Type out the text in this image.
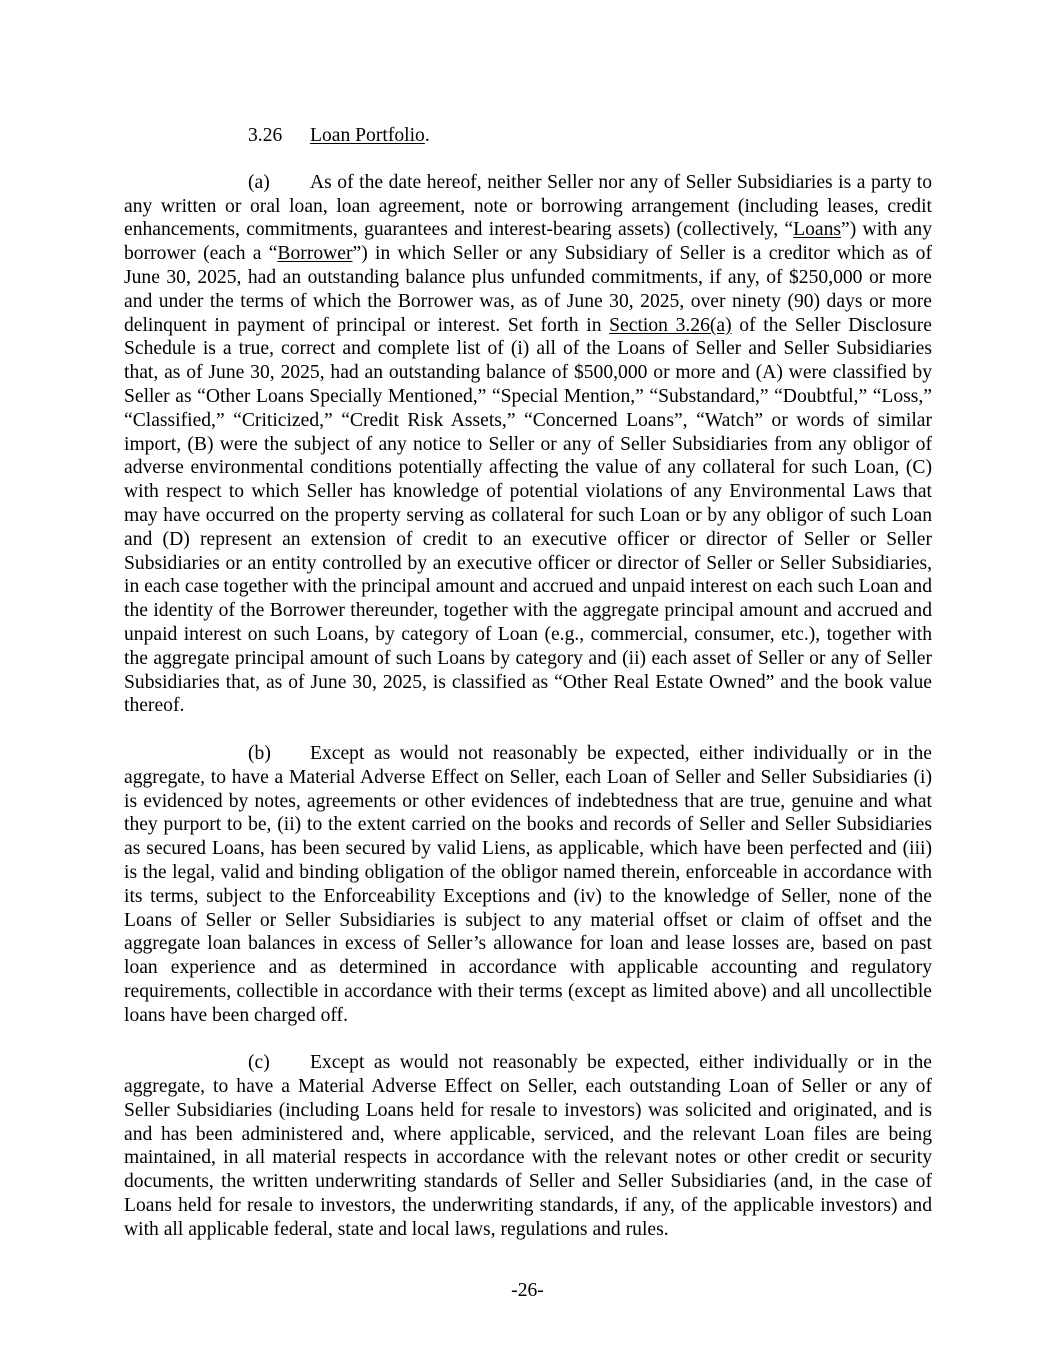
3.26 Loan Portfolio.

(a) As of the date hereof, neither Seller nor any of Seller Subsidiaries is a party to any written or oral loan, loan agreement, note or borrowing arrangement (including leases, credit enhancements, commitments, guarantees and interest-bearing assets) (collectively, “Loans”) with any borrower (each a “Borrower”) in which Seller or any Subsidiary of Seller is a creditor which as of June 30, 2025, had an outstanding balance plus unfunded commitments, if any, of $250,000 or more and under the terms of which the Borrower was, as of June 30, 2025, over ninety (90) days or more delinquent in payment of principal or interest. Set forth in Section 3.26(a) of the Seller Disclosure Schedule is a true, correct and complete list of (i) all of the Loans of Seller and Seller Subsidiaries that, as of June 30, 2025, had an outstanding balance of $500,000 or more and (A) were classified by Seller as “Other Loans Specially Mentioned,” “Special Mention,” “Substandard,” “Doubtful,” “Loss,” “Classified,” “Criticized,” “Credit Risk Assets,” “Concerned Loans”, “Watch” or words of similar import, (B) were the subject of any notice to Seller or any of Seller Subsidiaries from any obligor of adverse environmental conditions potentially affecting the value of any collateral for such Loan, (C) with respect to which Seller has knowledge of potential violations of any Environmental Laws that may have occurred on the property serving as collateral for such Loan or by any obligor of such Loan and (D) represent an extension of credit to an executive officer or director of Seller or Seller Subsidiaries or an entity controlled by an executive officer or director of Seller or Seller Subsidiaries, in each case together with the principal amount and accrued and unpaid interest on each such Loan and the identity of the Borrower thereunder, together with the aggregate principal amount and accrued and unpaid interest on such Loans, by category of Loan (e.g., commercial, consumer, etc.), together with the aggregate principal amount of such Loans by category and (ii) each asset of Seller or any of Seller Subsidiaries that, as of June 30, 2025, is classified as “Other Real Estate Owned” and the book value thereof.

(b) Except as would not reasonably be expected, either individually or in the aggregate, to have a Material Adverse Effect on Seller, each Loan of Seller and Seller Subsidiaries (i) is evidenced by notes, agreements or other evidences of indebtedness that are true, genuine and what they purport to be, (ii) to the extent carried on the books and records of Seller and Seller Subsidiaries as secured Loans, has been secured by valid Liens, as applicable, which have been perfected and (iii) is the legal, valid and binding obligation of the obligor named therein, enforceable in accordance with its terms, subject to the Enforceability Exceptions and (iv) to the knowledge of Seller, none of the Loans of Seller or Seller Subsidiaries is subject to any material offset or claim of offset and the aggregate loan balances in excess of Seller’s allowance for loan and lease losses are, based on past loan experience and as determined in accordance with applicable accounting and regulatory requirements, collectible in accordance with their terms (except as limited above) and all uncollectible loans have been charged off.

(c) Except as would not reasonably be expected, either individually or in the aggregate, to have a Material Adverse Effect on Seller, each outstanding Loan of Seller or any of Seller Subsidiaries (including Loans held for resale to investors) was solicited and originated, and is and has been administered and, where applicable, serviced, and the relevant Loan files are being maintained, in all material respects in accordance with the relevant notes or other credit or security documents, the written underwriting standards of Seller and Seller Subsidiaries (and, in the case of Loans held for resale to investors, the underwriting standards, if any, of the applicable investors) and with all applicable federal, state and local laws, regulations and rules.

-26-
